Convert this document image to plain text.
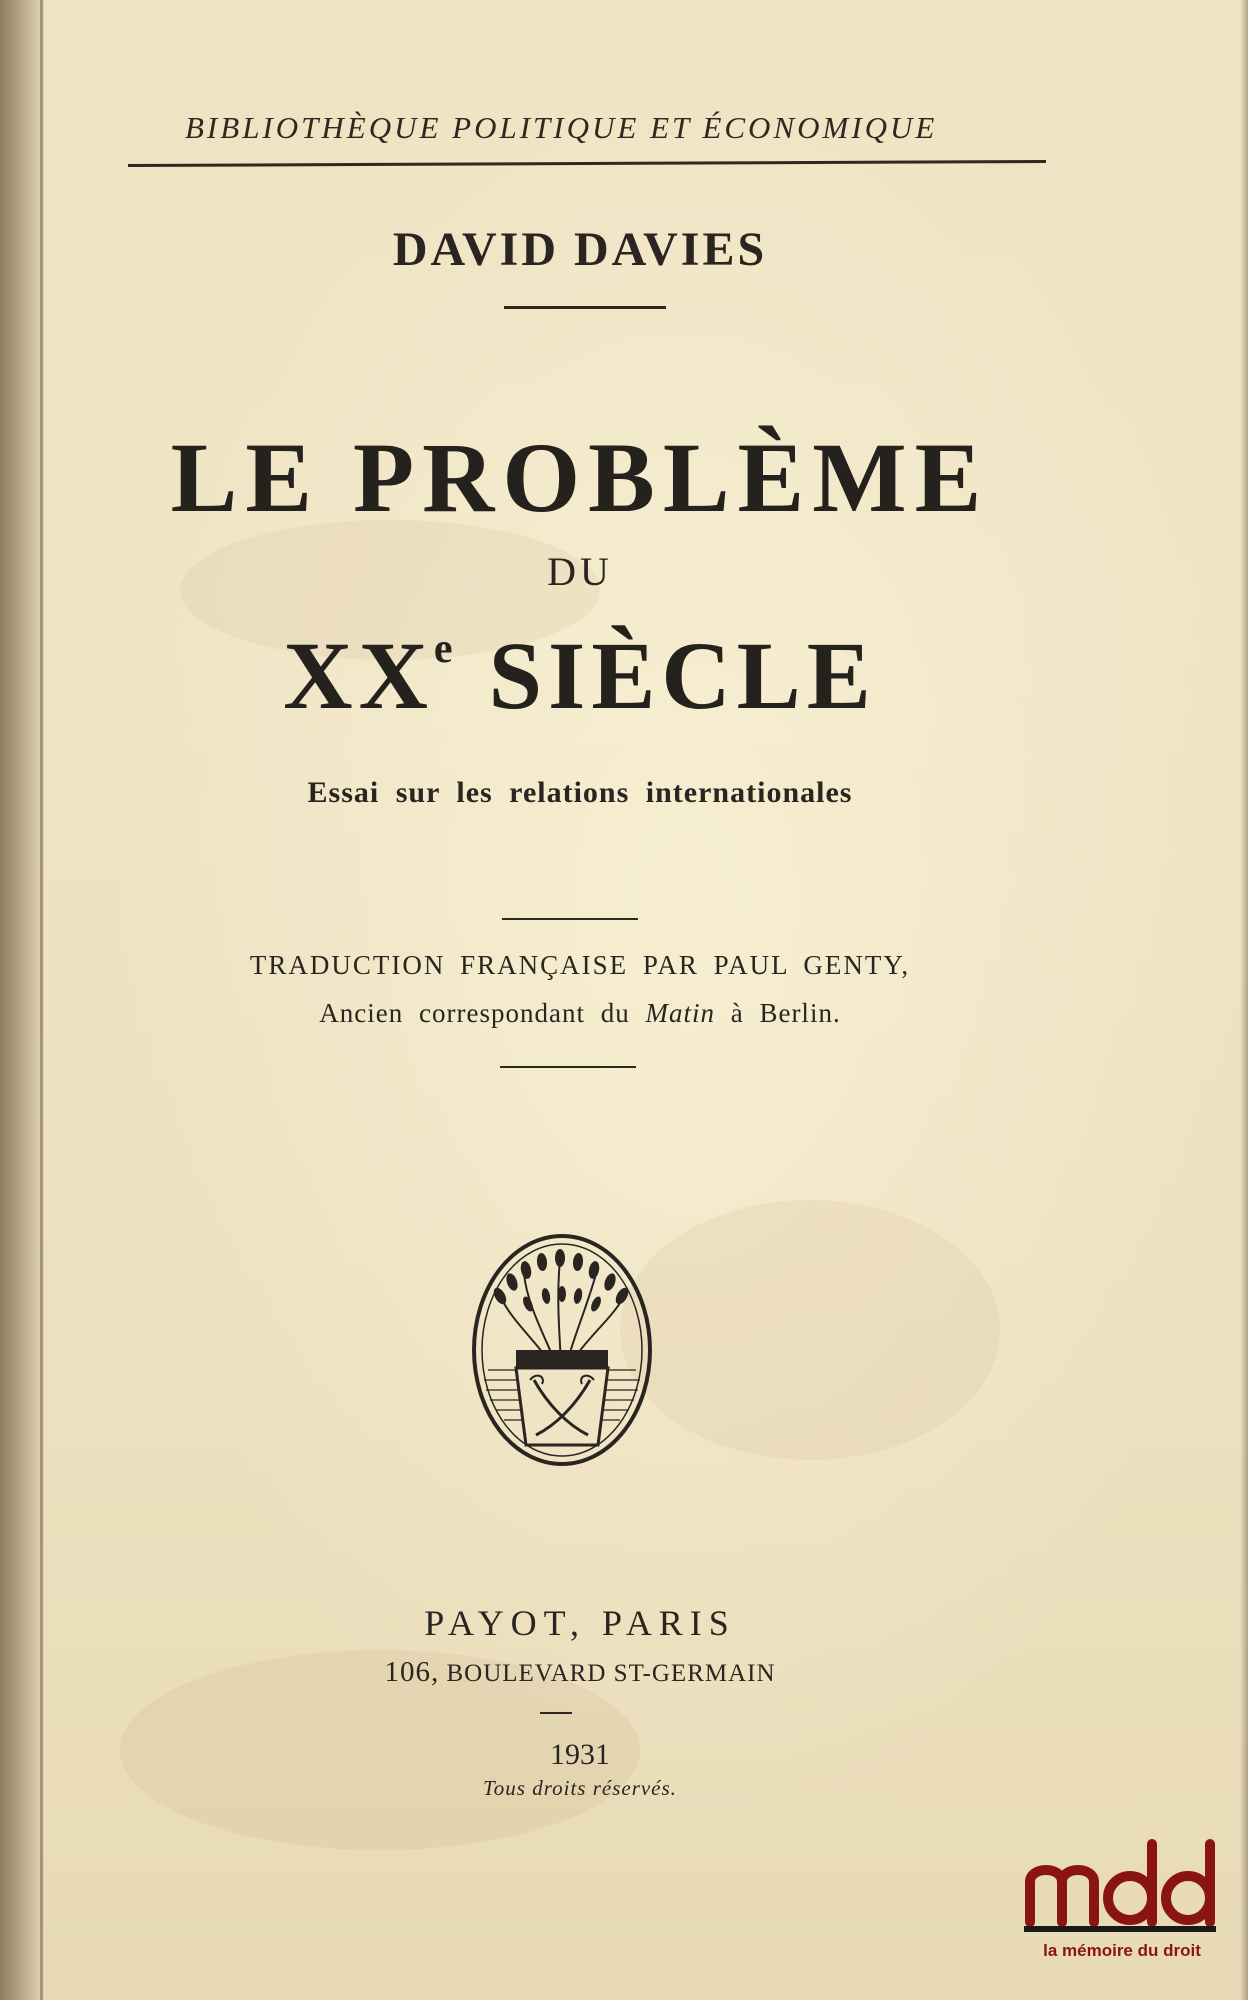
BIBLIOTHÈQUE POLITIQUE ET ÉCONOMIQUE
DAVID DAVIES
LE PROBLÈME
DU
XXe SIÈCLE
Essai sur les relations internationales
TRADUCTION FRANÇAISE PAR PAUL GENTY,
Ancien correspondant du Matin à Berlin.
PAYOT, PARIS
106, BOULEVARD ST-GERMAIN
1931
Tous droits réservés.
la mémoire du droit
